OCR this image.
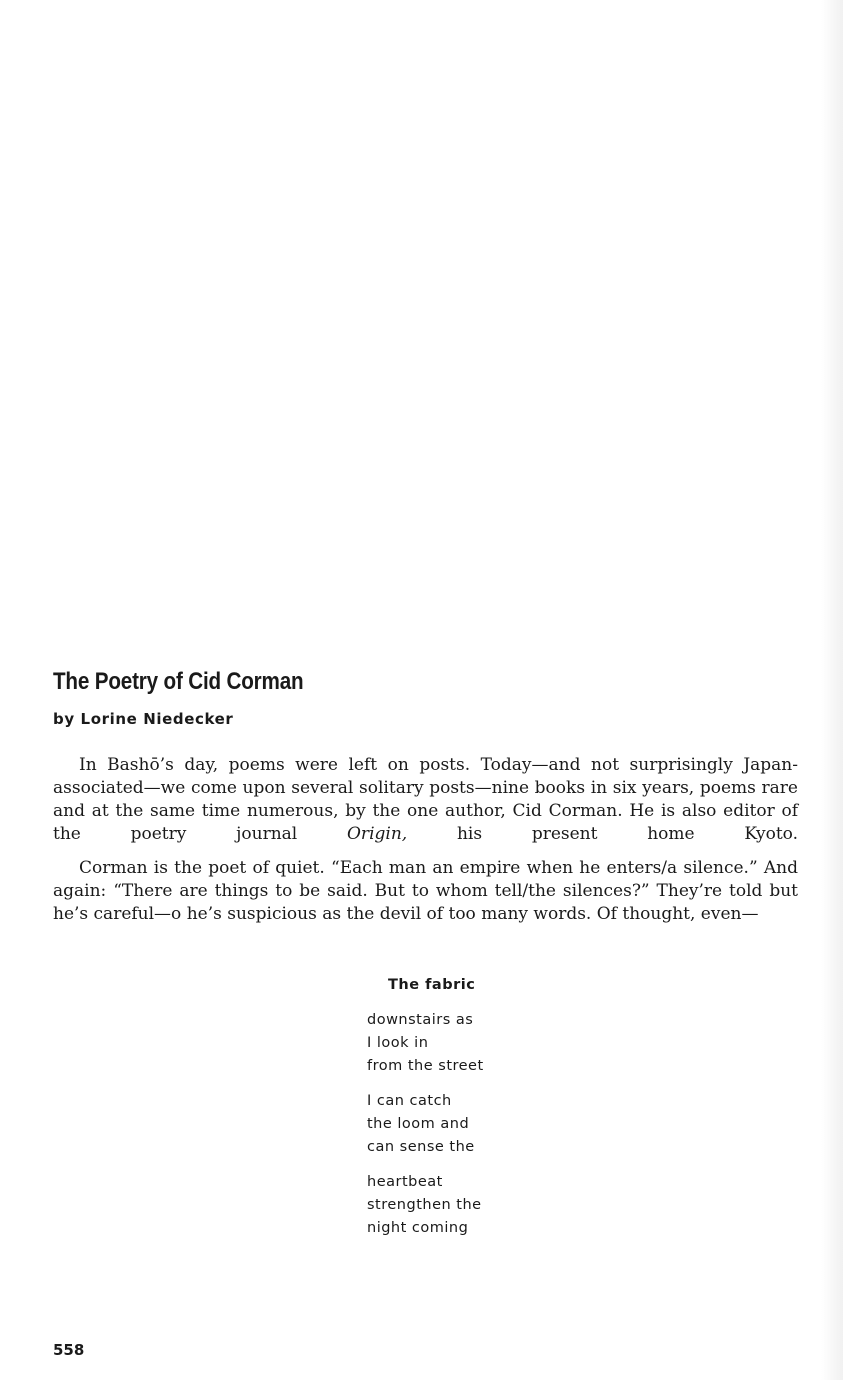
The Poetry of Cid Corman
by Lorine Niedecker

In Bashō’s day, poems were left on posts. Today—and not surprisingly Japan-associated—we come upon several solitary posts—nine books in six years, poems rare and at the same time numerous, by the one author, Cid Corman. He is also editor of the poetry journal Origin, his present home Kyoto.

Corman is the poet of quiet. “Each man an empire when he enters/a silence.” And again: “There are things to be said. But to whom tell/the silences?” They’re told but he’s careful—o he’s suspicious as the devil of too many words. Of thought, even—

The fabric
downstairs as
I look in
from the street
I can catch
the loom and
can sense the
heartbeat
strengthen the
night coming
558
